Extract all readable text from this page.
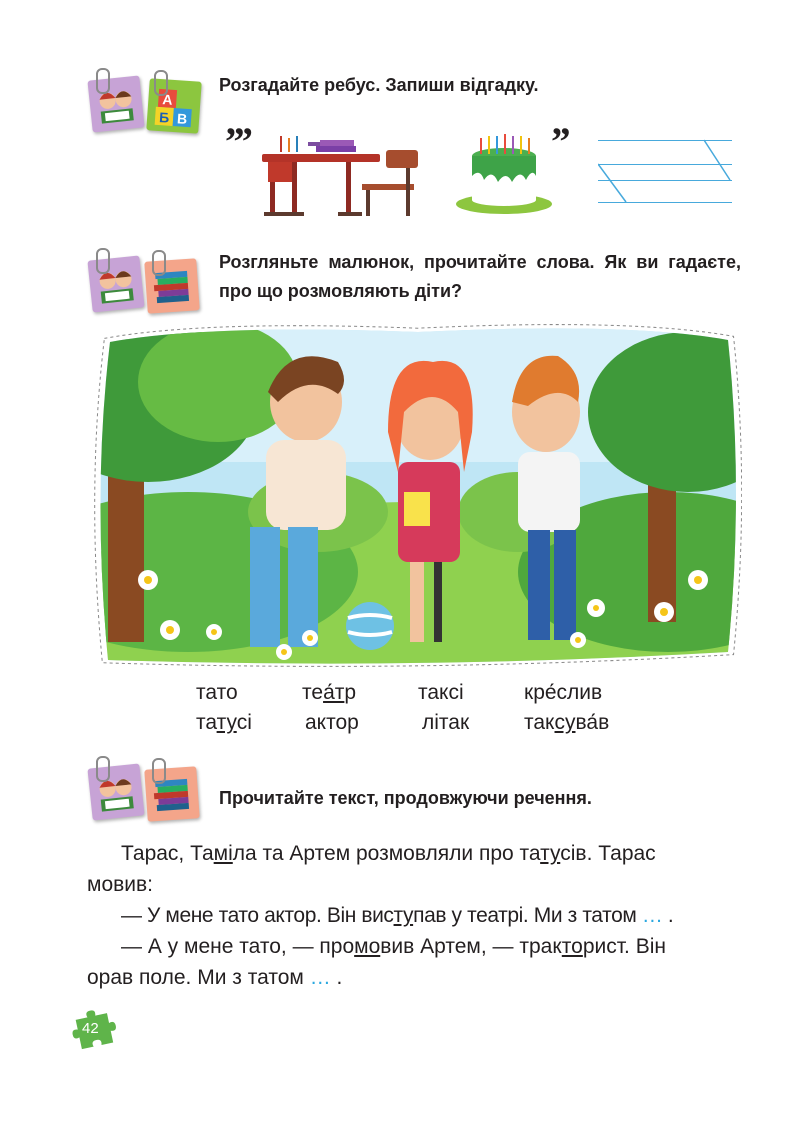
А
Б В
Розгадайте ребус. Запиши відгадку.
’’’	’’
Розгляньте малюнок, прочитайте слова. Як ви гадаєте, про що розмовляють діти?
тато	теа́тр	таксі	кре́слив
татусі	актор	літак	таксува́в
Прочитайте текст, продовжуючи речення.
Тарас, Таміла та Артем розмовляли про татусів. Тарас
мовив:
— У мене тато актор. Він виступав у театрі. Ми з татом … .
— А у мене тато, — промовив Артем, — тракторист. Він
орав поле. Ми з татом … .
42
